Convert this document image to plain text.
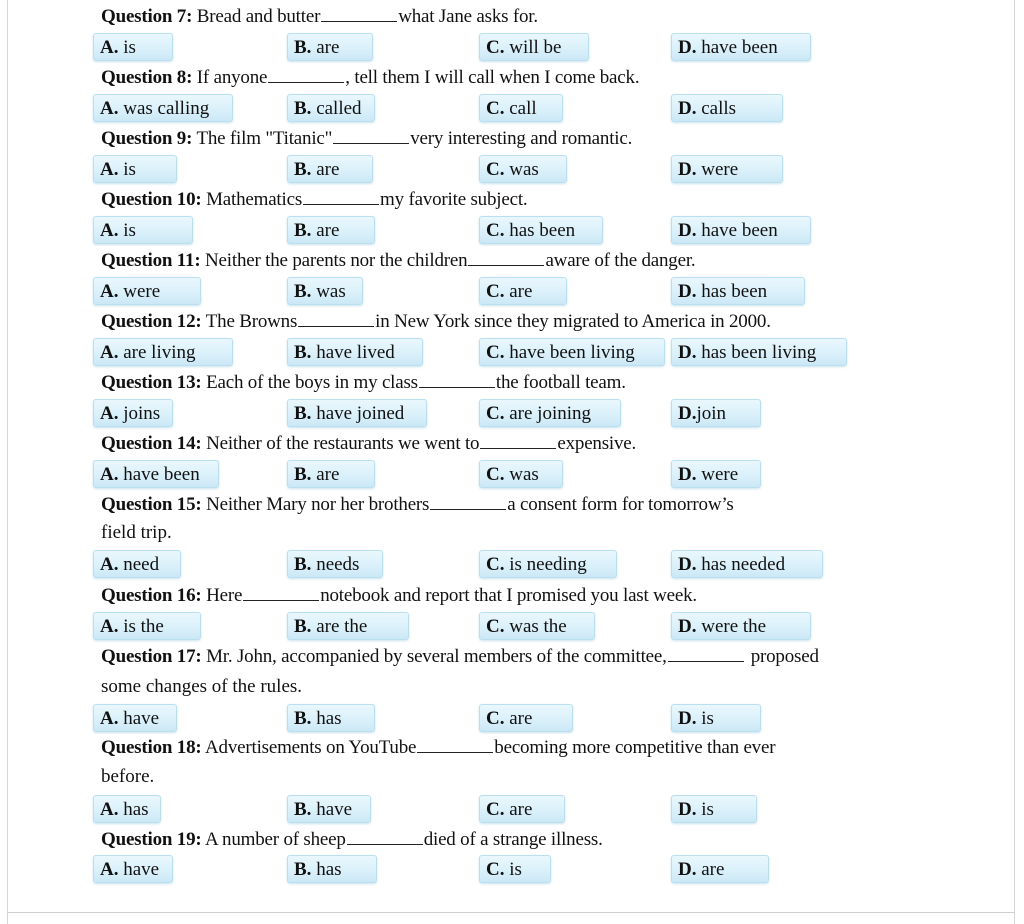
Question 7: Bread and butter	what Jane asks for.
A. is	B. are	C. will be	D. have been
Question 8: If anyone	, tell them I will call when I come back.
A. was calling	B. called	C. call	D. calls
Question 9: The film "Titanic"	very interesting and romantic.
A. is	B. are	C. was	D. were
Question 10: Mathematics	my favorite subject.
A. is	B. are	C. has been	D. have been
Question 11: Neither the parents nor the children	aware of the danger.
A. were	B. was	C. are	D. has been
Question 12: The Browns	in New York since they migrated to America in 2000.
A. are living	B. have lived	C. have been living D. has been living
Question 13: Each of the boys in my class	the football team.
A. joins	B. have joined	C. are joining	D.join
Question 14: Neither of the restaurants we went to	expensive.
A. have been	B. are	C. was	D. were
Question 15: Neither Mary nor her brothers	a consent form for tomorrow’s
field trip.
A. need	B. needs	C. is needing	D. has needed
Question 16: Here	notebook and report that I promised you last week.
A. is the	B. are the	C. was the	D. were the
Question 17: Mr. John, accompanied by several members of the committee,	proposed
some changes of the rules.
A. have	B. has	C. are	D. is
Question 18: Advertisements on YouTube	becoming more competitive than ever
before.
A. has	B. have	C. are	D. is
Question 19: A number of sheep	died of a strange illness.
A. have	B. has	C. is	D. are
